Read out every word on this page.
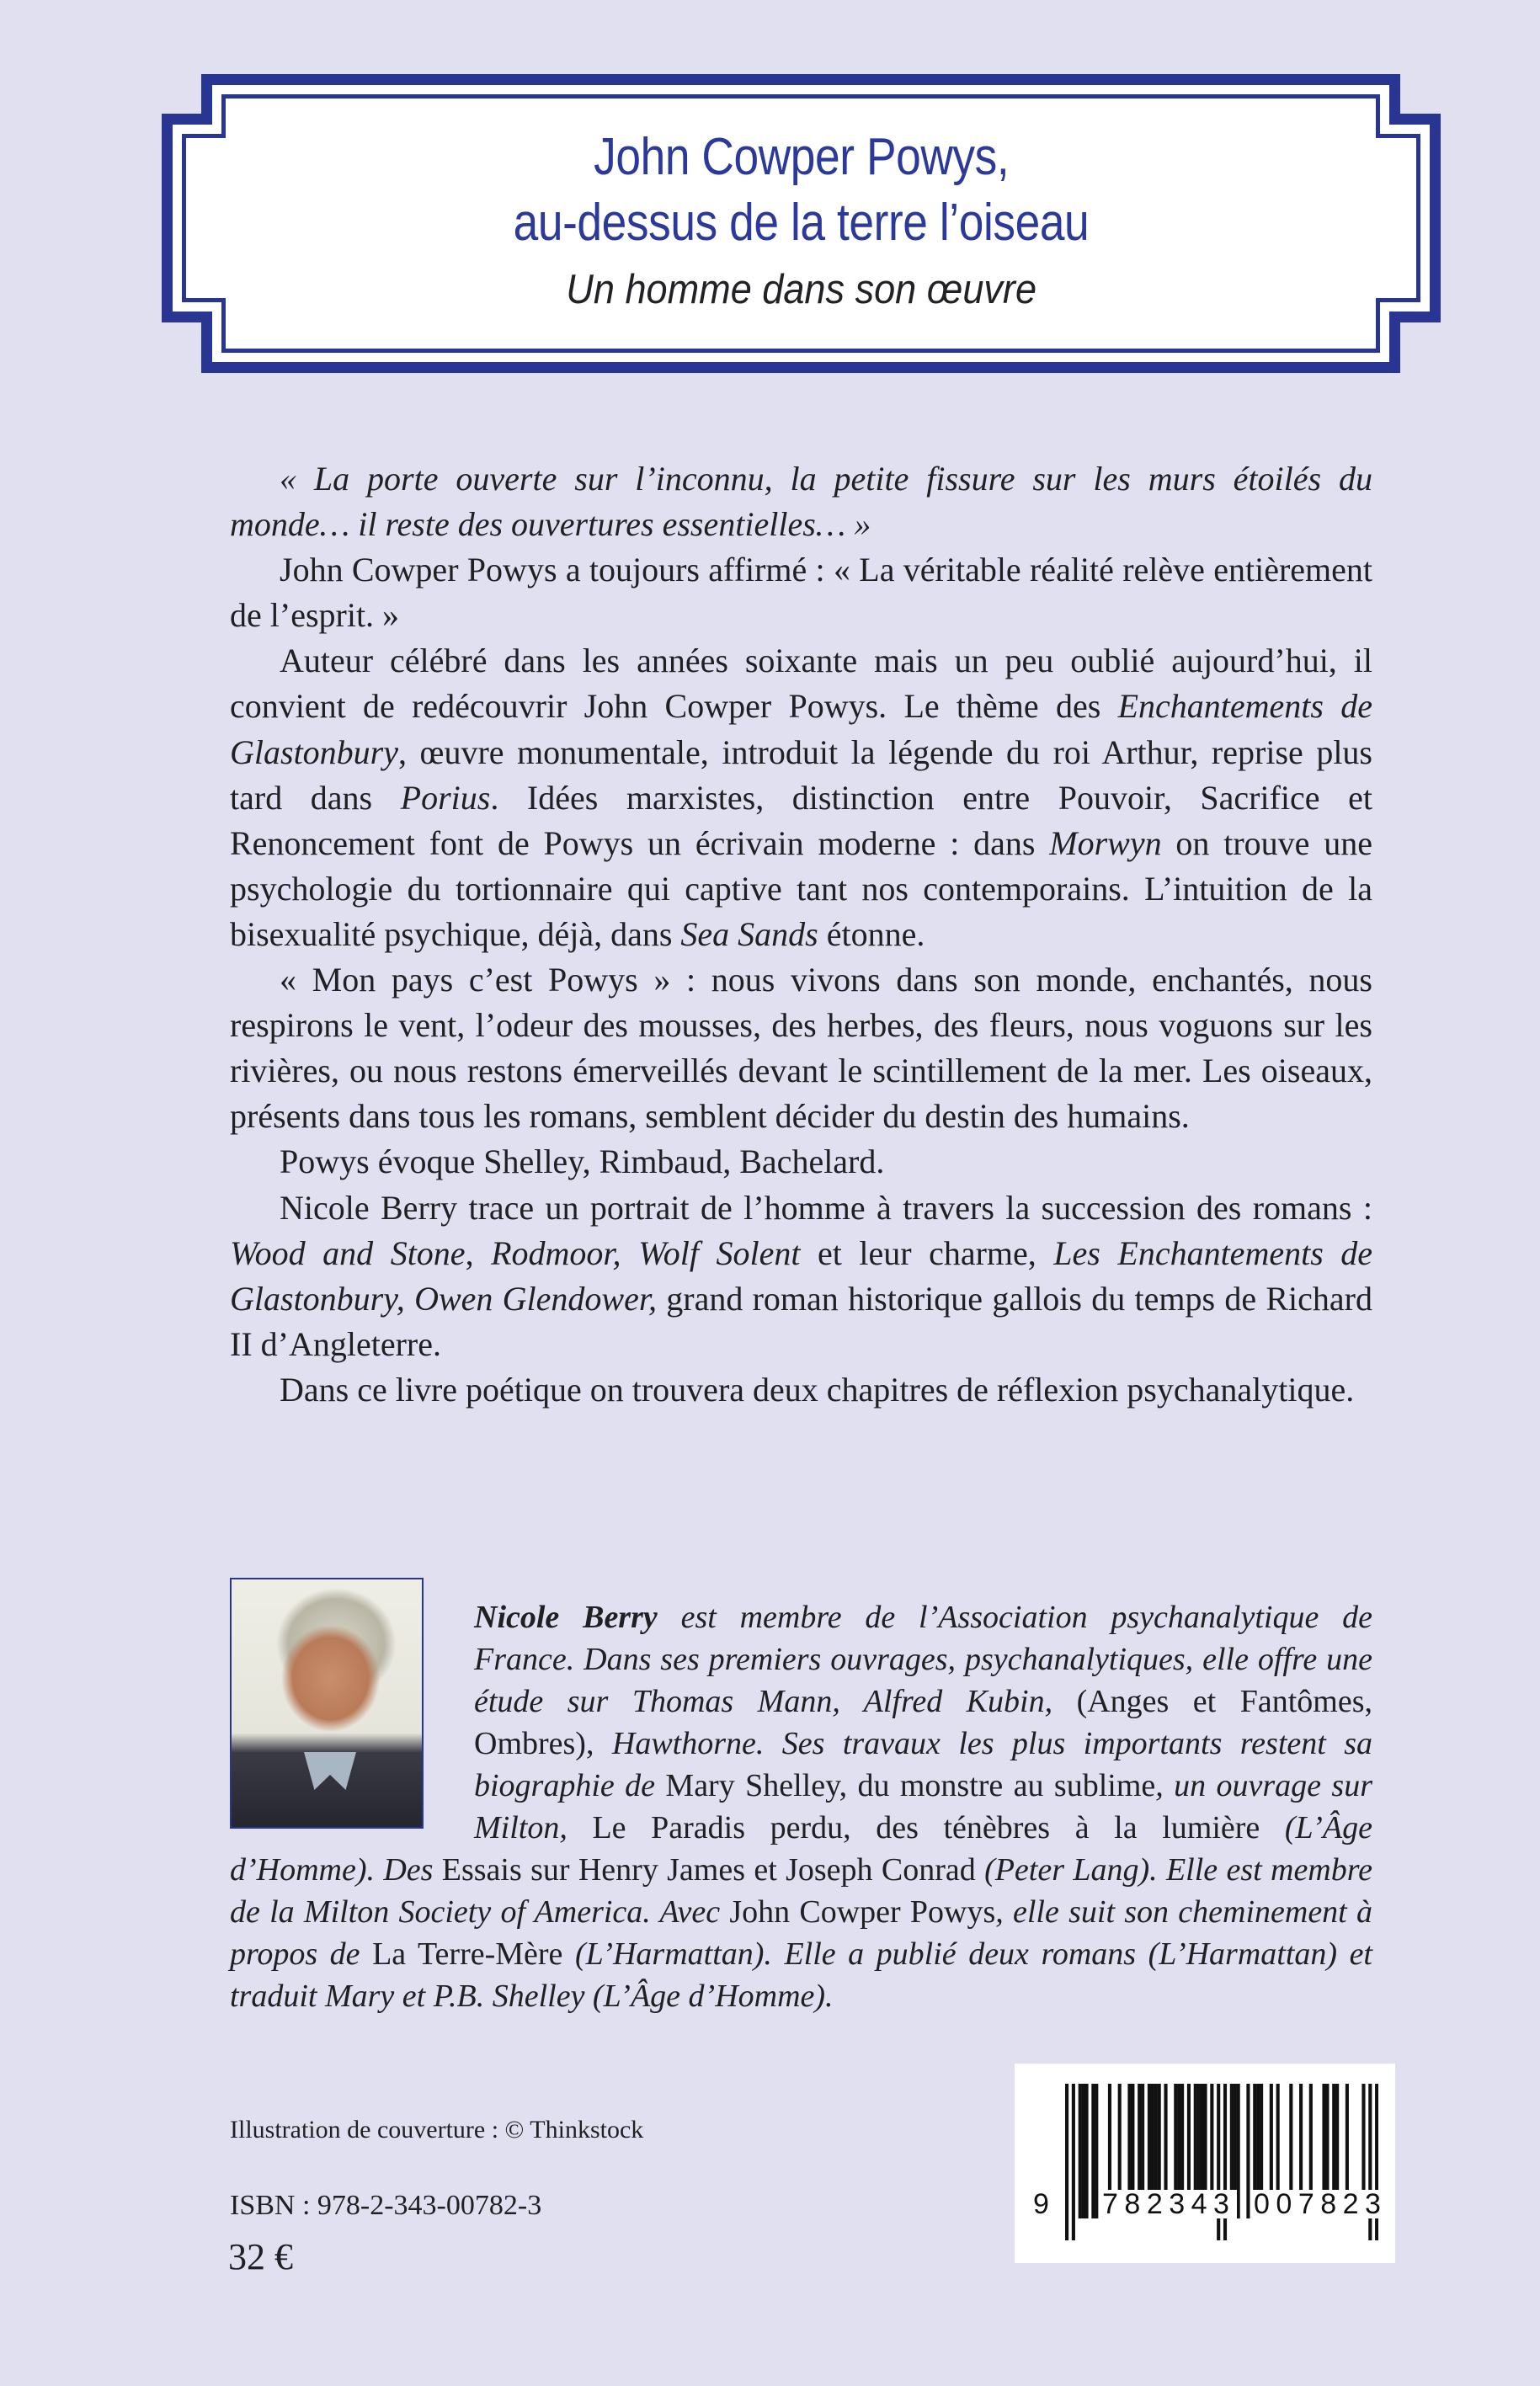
John Cowper Powys,
au-dessus de la terre l’oiseau
Un homme dans son œuvre

« La porte ouverte sur l’inconnu, la petite fissure sur les murs étoilés du monde… il reste des ouvertures essentielles… »

John Cowper Powys a toujours affirmé : « La véritable réalité relève entièrement de l’esprit. »

Auteur célébré dans les années soixante mais un peu oublié aujourd’hui, il convient de redécouvrir John Cowper Powys. Le thème des Enchantements de Glastonbury, œuvre monumentale, introduit la légende du roi Arthur, reprise plus tard dans Porius. Idées marxistes, distinction entre Pouvoir, Sacrifice et Renoncement font de Powys un écrivain moderne : dans Morwyn on trouve une psychologie du tortionnaire qui captive tant nos contemporains. L’intuition de la bisexualité psychique, déjà, dans Sea Sands étonne.

« Mon pays c’est Powys » : nous vivons dans son monde, enchantés, nous respirons le vent, l’odeur des mousses, des herbes, des fleurs, nous voguons sur les rivières, ou nous restons émerveillés devant le scintillement de la mer. Les oiseaux, présents dans tous les romans, semblent décider du destin des humains.

Powys évoque Shelley, Rimbaud, Bachelard.

Nicole Berry trace un portrait de l’homme à travers la succession des romans : Wood and Stone, Rodmoor, Wolf Solent et leur charme, Les Enchantements de Glastonbury, Owen Glendower, grand roman historique gallois du temps de Richard II d’Angleterre.

Dans ce livre poétique on trouvera deux chapitres de réflexion psychanalytique.

Nicole Berry est membre de l’Association psychanalytique de France. Dans ses premiers ouvrages, psychanalytiques, elle offre une étude sur Thomas Mann, Alfred Kubin, (Anges et Fantômes, Ombres), Hawthorne. Ses travaux les plus importants restent sa biographie de Mary Shelley, du monstre au sublime, un ouvrage sur Milton, Le Paradis perdu, des ténèbres à la lumière (L’Âge d’Homme). Des Essais sur Henry James et Joseph Conrad (Peter Lang). Elle est membre de la Milton Society of America. Avec John Cowper Powys, elle suit son cheminement à propos de La Terre-Mère (L’Harmattan). Elle a publié deux romans (L’Harmattan) et traduit Mary et P.B. Shelley (L’Âge d’Homme).
Illustration de couverture : © Thinkstock
ISBN : 978-2-343-00782-3
32 €
9 782343 007823
